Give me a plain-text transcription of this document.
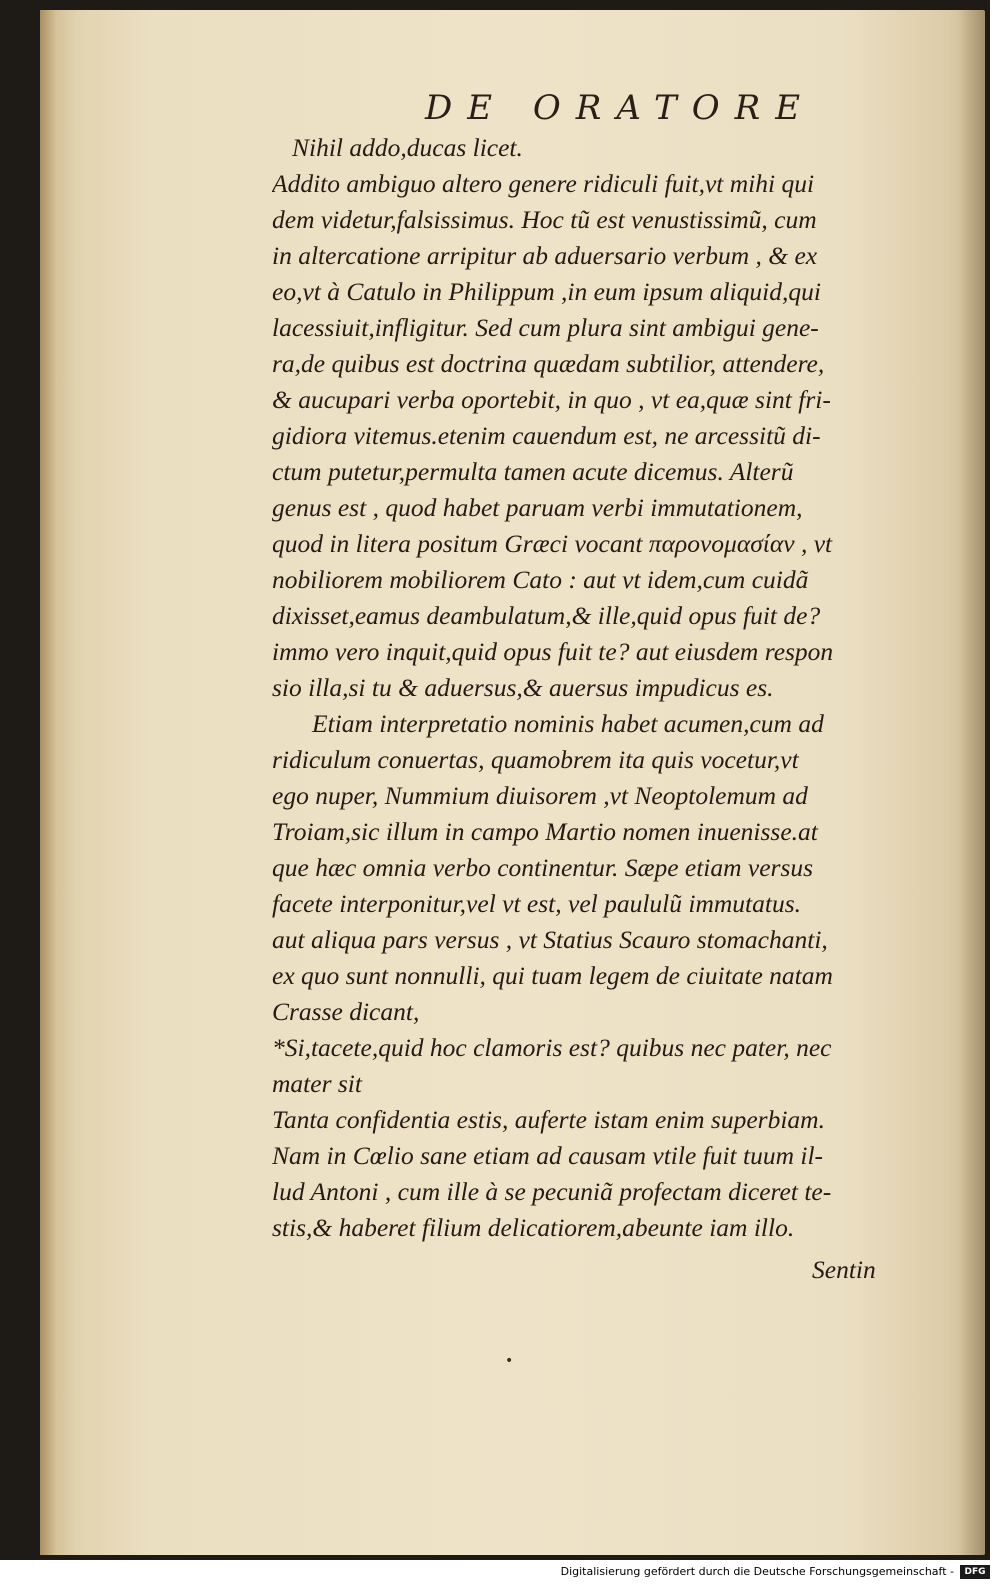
DE ORATORE
Nihil addo,ducas licet.
Addito ambiguo altero genere ridiculi fuit,vt mihi qui
dem videtur,falsissimus. Hoc tũ est venustissimũ, cum
in altercatione arripitur ab aduersario verbum , & ex
eo,vt à Catulo in Philippum ,in eum ipsum aliquid,qui
lacessiuit,infligitur. Sed cum plura sint ambigui gene-
ra,de quibus est doctrina quædam subtilior, attendere,
& aucupari verba oportebit, in quo , vt ea,quæ sint fri-
gidiora vitemus.etenim cauendum est, ne arcessitũ di-
ctum putetur,permulta tamen acute dicemus. Alterũ
genus est , quod habet paruam verbi immutationem,
quod in litera positum Græci vocant παρονομασίαν , vt
nobiliorem mobiliorem Cato : aut vt idem,cum cuidã
dixisset,eamus deambulatum,& ille,quid opus fuit de?
immo vero inquit,quid opus fuit te? aut eiusdem respon
sio illa,si tu & aduersus,& auersus impudicus es.
Etiam interpretatio nominis habet acumen,cum ad
ridiculum conuertas, quamobrem ita quis vocetur,vt
ego nuper, Nummium diuisorem ,vt Neoptolemum ad
Troiam,sic illum in campo Martio nomen inuenisse.at
que hæc omnia verbo continentur. Sæpe etiam versus
facete interponitur,vel vt est, vel paululũ immutatus.
aut aliqua pars versus , vt Statius Scauro stomachanti,
ex quo sunt nonnulli, qui tuam legem de ciuitate natam
Crasse dicant,
*Si,tacete,quid hoc clamoris est? quibus nec pater, nec
mater sit
Tanta confidentia estis, auferte istam enim superbiam.
Nam in Cœlio sane etiam ad causam vtile fuit tuum il-
lud Antoni , cum ille à se pecuniã profectam diceret te-
stis,& haberet filium delicatiorem,abeunte iam illo.
Sentin
•
Digitalisierung gefördert durch die Deutsche Forschungsgemeinschaft -	DFG
